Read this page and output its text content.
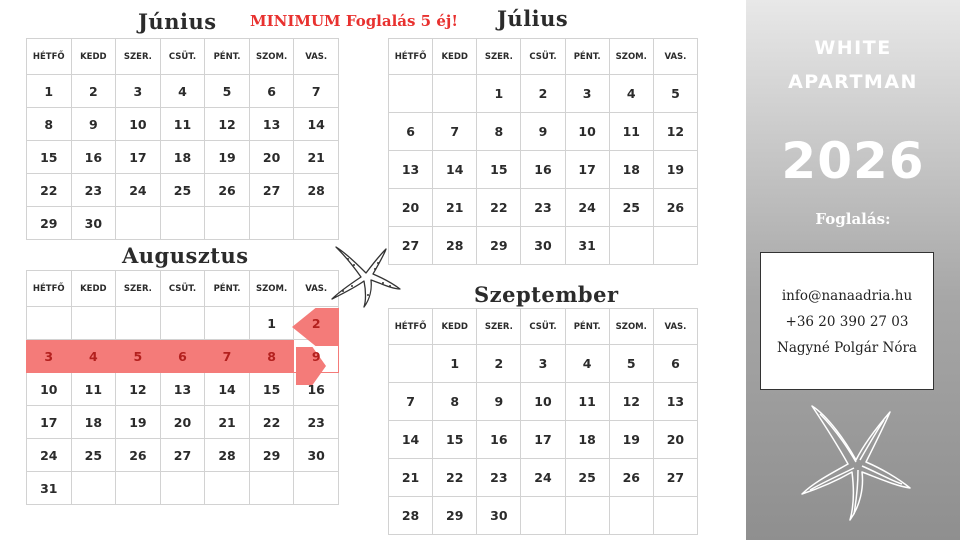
Június MINIMUM Foglalás 5 éj!
HÉTFŐ	KEDD	SZER.	CSÜT.	PÉNT.	SZOM.	VAS.
1	2	3	4	5	6	7
8	9	10	11	12	13	14
15	16	17	18	19	20	21
22	23	24	25	26	27	28
29	30					
Július
HÉTFŐ	KEDD	SZER.	CSÜT.	PÉNT.	SZOM.	VAS.
		1	2	3	4	5
6	7	8	9	10	11	12
13	14	15	16	17	18	19
20	21	22	23	24	25	26
27	28	29	30	31		
Augusztus
HÉTFŐ	KEDD	SZER.	CSÜT.	PÉNT.	SZOM.	VAS.
					1	2
3	4	5	6	7	8	9
10	11	12	13	14	15	16
17	18	19	20	21	22	23
24	25	26	27	28	29	30
31						
Szeptember
HÉTFŐ	KEDD	SZER.	CSÜT.	PÉNT.	SZOM.	VAS.
	1	2	3	4	5	6
7	8	9	10	11	12	13
14	15	16	17	18	19	20
21	22	23	24	25	26	27
28	29	30				
WHITE
APARTMAN
2026
Foglalás:
info@nanaadria.hu
+36 20 390 27 03
Nagyné Polgár Nóra
